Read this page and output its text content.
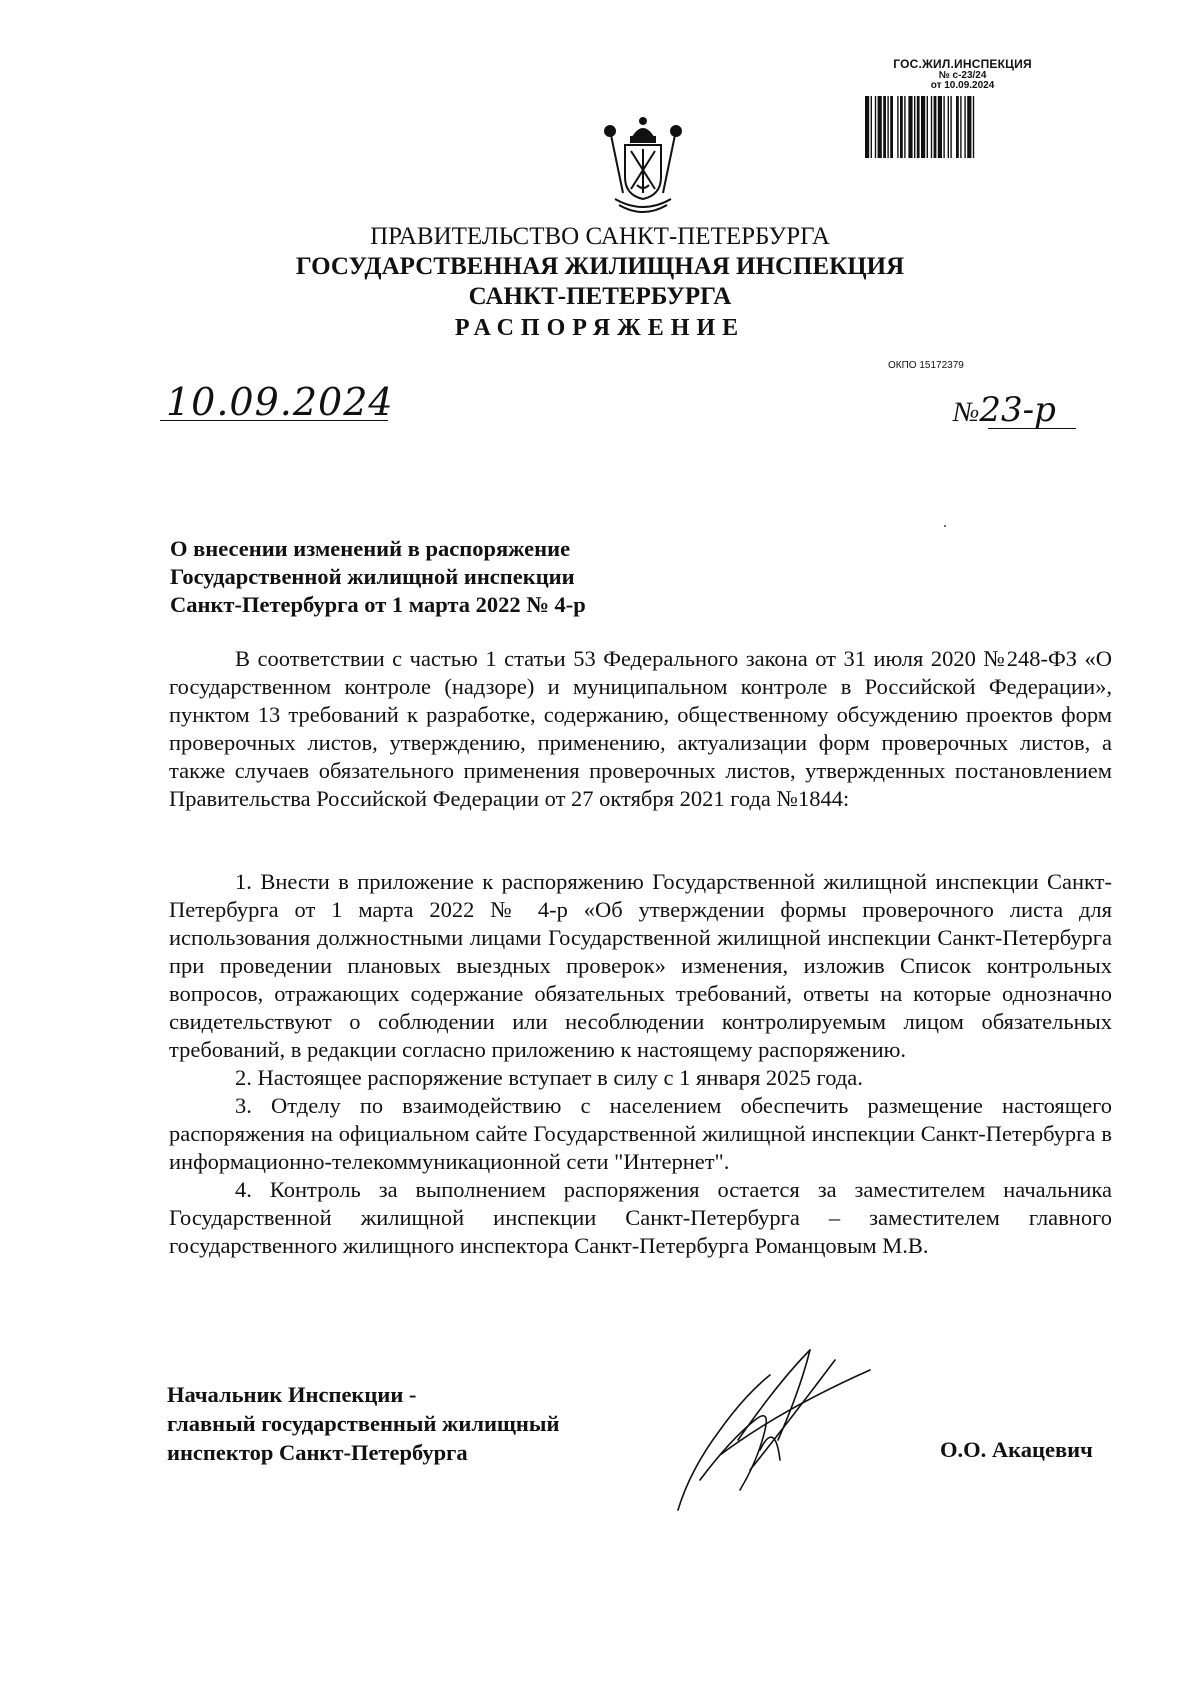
ГОС.ЖИЛ.ИНСПЕКЦИЯ
№ с-23/24
от 10.09.2024
ПРАВИТЕЛЬСТВО САНКТ-ПЕТЕРБУРГА
ГОСУДАРСТВЕННАЯ ЖИЛИЩНАЯ ИНСПЕКЦИЯ
САНКТ-ПЕТЕРБУРГА
РАСПОРЯЖЕНИЕ
ОКПО 15172379
10.09.2024	№23-р
О внесении изменений в распоряжение
Государственной жилищной инспекции
Санкт-Петербурга от 1 марта 2022 № 4-р
В соответствии с частью 1 статьи 53 Федерального закона от 31 июля 2020 №248-ФЗ «О государственном контроле (надзоре) и муниципальном контроле в Российской Федерации», пунктом 13 требований к разработке, содержанию, общественному обсуждению проектов форм проверочных листов, утверждению, применению, актуализации форм проверочных листов, а также случаев обязательного применения проверочных листов, утвержденных постановлением Правительства Российской Федерации от 27 октября 2021 года №1844:

1. Внести в приложение к распоряжению Государственной жилищной инспекции Санкт-Петербурга от 1 марта 2022 № 4-р «Об утверждении формы проверочного листа для использования должностными лицами Государственной жилищной инспекции Санкт-Петербурга при проведении плановых выездных проверок» изменения, изложив Список контрольных вопросов, отражающих содержание обязательных требований, ответы на которые однозначно свидетельствуют о соблюдении или несоблюдении контролируемым лицом обязательных требований, в редакции согласно приложению к настоящему распоряжению.

2. Настоящее распоряжение вступает в силу с 1 января 2025 года.

3. Отделу по взаимодействию с населением обеспечить размещение настоящего распоряжения на официальном сайте Государственной жилищной инспекции Санкт-Петербурга в информационно-телекоммуникационной сети "Интернет".

4. Контроль за выполнением распоряжения остается за заместителем начальника Государственной жилищной инспекции Санкт-Петербурга – заместителем главного государственного жилищного инспектора Санкт-Петербурга Романцовым М.В.

Начальник Инспекции -
главный государственный жилищный
инспектор Санкт-Петербурга	О.О. Акацевич
